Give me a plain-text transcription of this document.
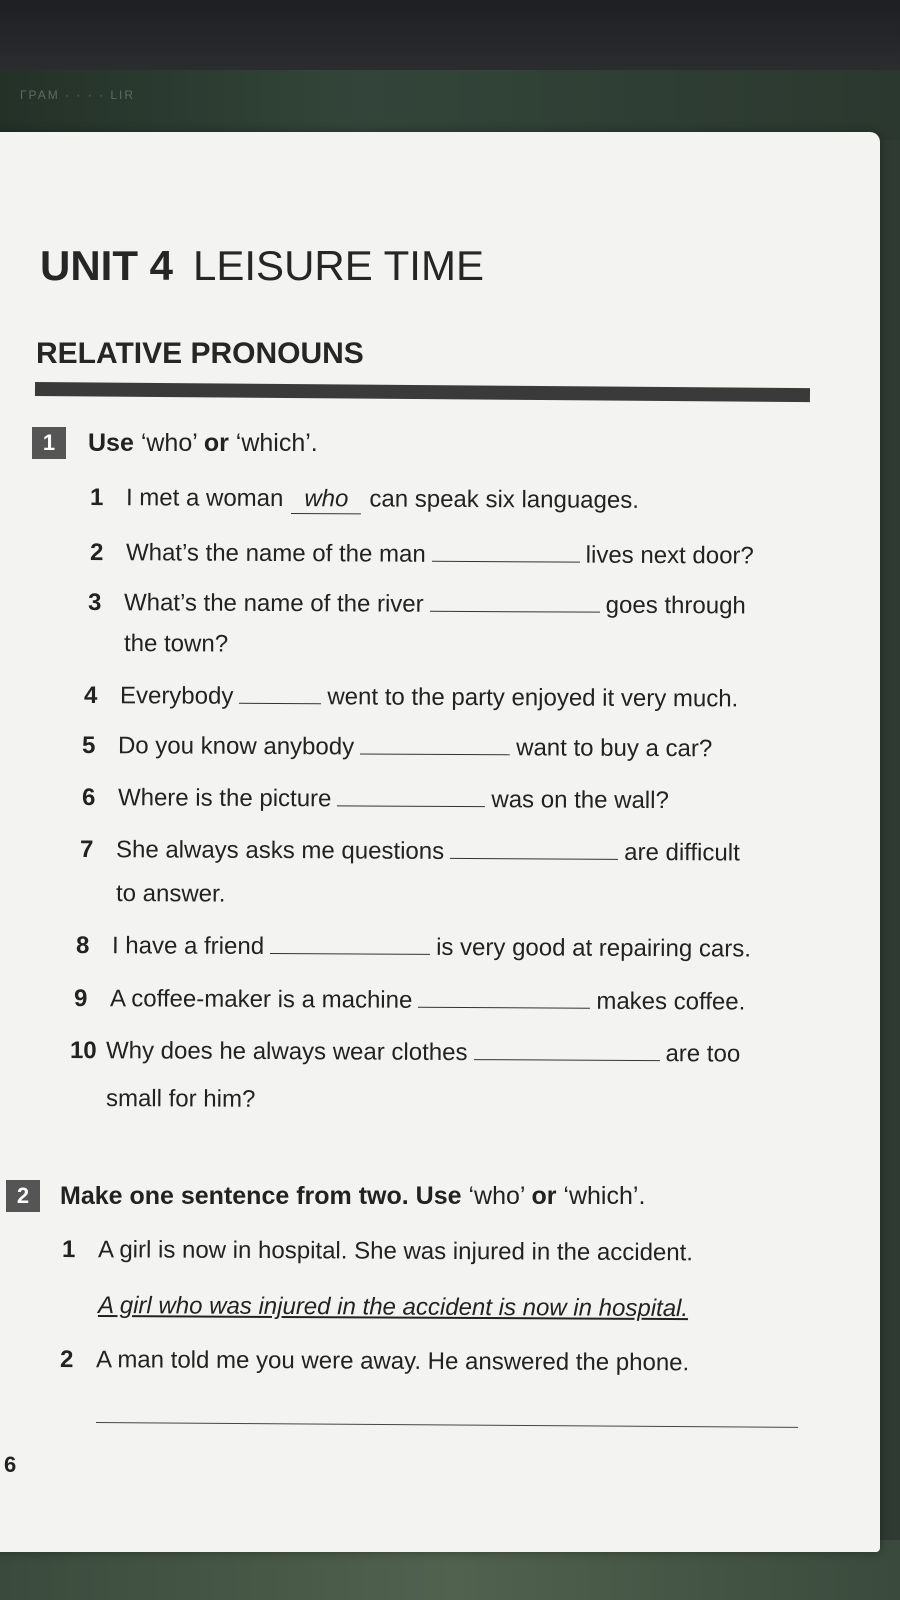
ГРАМ · · · · LIR
UNIT 4 LEISURE TIME
RELATIVE PRONOUNS
1	Use ‘who’ or ‘which’.
1 I met a woman who can speak six languages.
2 What’s the name of the man	lives next door?
3 What’s the name of the river	goes through
the town?
4 Everybody	went to the party enjoyed it very much.
5 Do you know anybody	want to buy a car?
6 Where is the picture	was on the wall?
7 She always asks me questions	are difficult
to answer.
8 I have a friend	is very good at repairing cars.
9 A coffee-maker is a machine	makes coffee.
10 Why does he always wear clothes	are too
small for him?
2	Make one sentence from two. Use ‘who’ or ‘which’.
1 A girl is now in hospital. She was injured in the accident.
A girl who was injured in the accident is now in hospital.
2 A man told me you were away. He answered the phone.
6
